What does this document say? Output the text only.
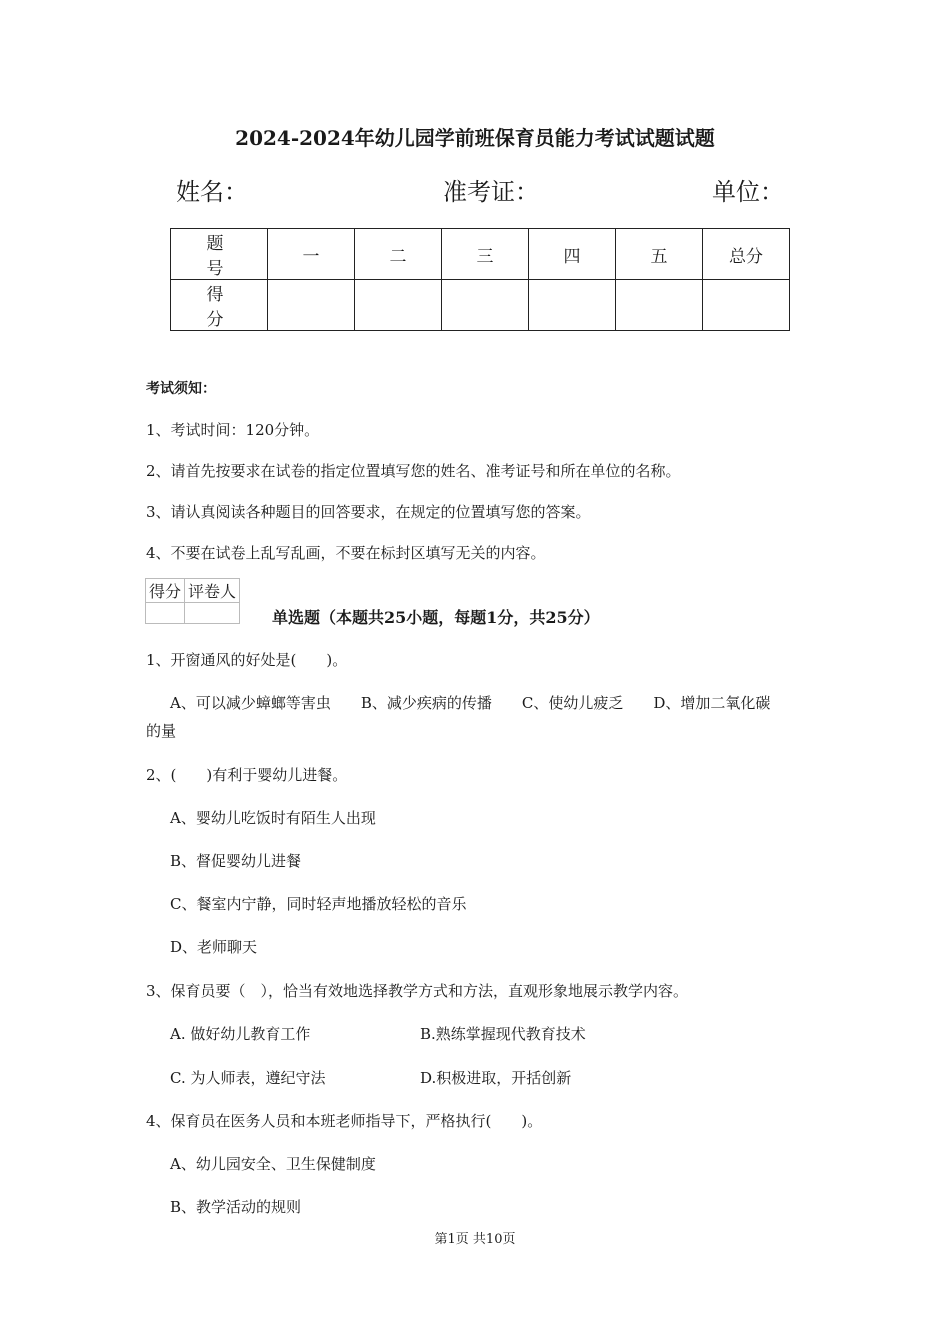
2024-2024年幼儿园学前班保育员能力考试试题试题
姓名：	准考证：	单位：
题　号	一	二	三	四	五	总分
得　分						
考试须知：
1、考试时间：120分钟。
2、请首先按要求在试卷的指定位置填写您的姓名、准考证号和所在单位的名称。
3、请认真阅读各种题目的回答要求，在规定的位置填写您的答案。
4、不要在试卷上乱写乱画，不要在标封区填写无关的内容。
得分	评卷人

单选题（本题共25小题，每题1分，共25分）
1、开窗通风的好处是(　　)。
A、可以减少蟑螂等害虫　　B、减少疾病的传播　　C、使幼儿疲乏　　D、增加二氧化碳
的量
2、(　　)有利于婴幼儿进餐。
A、婴幼儿吃饭时有陌生人出现
B、督促婴幼儿进餐
C、餐室内宁静，同时轻声地播放轻松的音乐
D、老师聊天
3、保育员要（　），恰当有效地选择教学方式和方法，直观形象地展示教学内容。
A. 做好幼儿教育工作	B.熟练掌握现代教育技术
C. 为人师表，遵纪守法	D.积极进取，开括创新
4、保育员在医务人员和本班老师指导下，严格执行(　　)。
A、幼儿园安全、卫生保健制度
B、教学活动的规则
第1页 共10页
